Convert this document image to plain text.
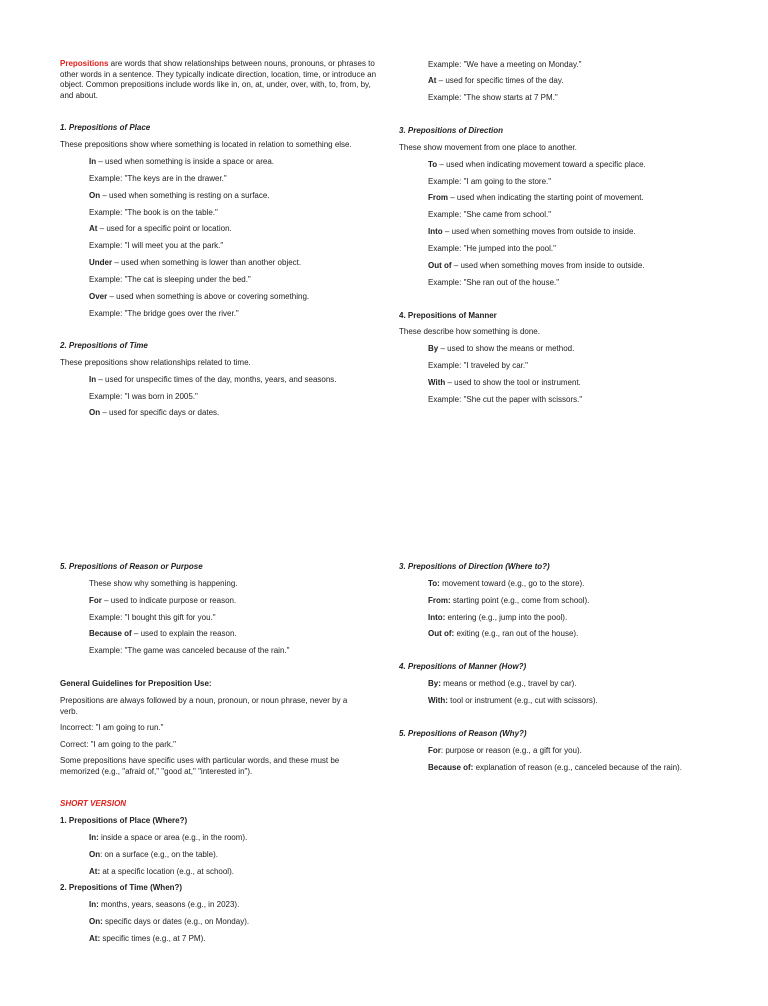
Prepositions are words that show relationships between nouns, pronouns, or phrases to other words in a sentence. They typically indicate direction, location, time, or introduce an object. Common prepositions include words like in, on, at, under, over, with, to, from, by, and about.
1. Prepositions of Place
These prepositions show where something is located in relation to something else.
In – used when something is inside a space or area.
Example: "The keys are in the drawer."
On – used when something is resting on a surface.
Example: "The book is on the table."
At – used for a specific point or location.
Example: "I will meet you at the park."
Under – used when something is lower than another object.
Example: "The cat is sleeping under the bed."
Over – used when something is above or covering something.
Example: "The bridge goes over the river."
2. Prepositions of Time
These prepositions show relationships related to time.
In – used for unspecific times of the day, months, years, and seasons.
Example: "I was born in 2005."
On – used for specific days or dates.
Example: "We have a meeting on Monday."
At – used for specific times of the day.
Example: "The show starts at 7 PM."
3. Prepositions of Direction
These show movement from one place to another.
To – used when indicating movement toward a specific place.
Example: "I am going to the store."
From – used when indicating the starting point of movement.
Example: "She came from school."
Into – used when something moves from outside to inside.
Example: "He jumped into the pool."
Out of – used when something moves from inside to outside.
Example: "She ran out of the house."
4. Prepositions of Manner
These describe how something is done.
By – used to show the means or method.
Example: "I traveled by car."
With – used to show the tool or instrument.
Example: "She cut the paper with scissors."
5. Prepositions of Reason or Purpose
These show why something is happening.
For – used to indicate purpose or reason.
Example: "I bought this gift for you."
Because of – used to explain the reason.
Example: "The game was canceled because of the rain."
General Guidelines for Preposition Use:
Prepositions are always followed by a noun, pronoun, or noun phrase, never by a verb.
Incorrect: "I am going to run."
Correct: "I am going to the park."
Some prepositions have specific uses with particular words, and these must be memorized (e.g., "afraid of," "good at," "interested in").
SHORT VERSION
1. Prepositions of Place (Where?)
In: inside a space or area (e.g., in the room).
On: on a surface (e.g., on the table).
At: at a specific location (e.g., at school).
2. Prepositions of Time (When?)
In: months, years, seasons (e.g., in 2023).
On: specific days or dates (e.g., on Monday).
At: specific times (e.g., at 7 PM).
3. Prepositions of Direction (Where to?)
To: movement toward (e.g., go to the store).
From: starting point (e.g., come from school).
Into: entering (e.g., jump into the pool).
Out of: exiting (e.g., ran out of the house).
4. Prepositions of Manner (How?)
By: means or method (e.g., travel by car).
With: tool or instrument (e.g., cut with scissors).
5. Prepositions of Reason (Why?)
For: purpose or reason (e.g., a gift for you).
Because of: explanation of reason (e.g., canceled because of the rain).
